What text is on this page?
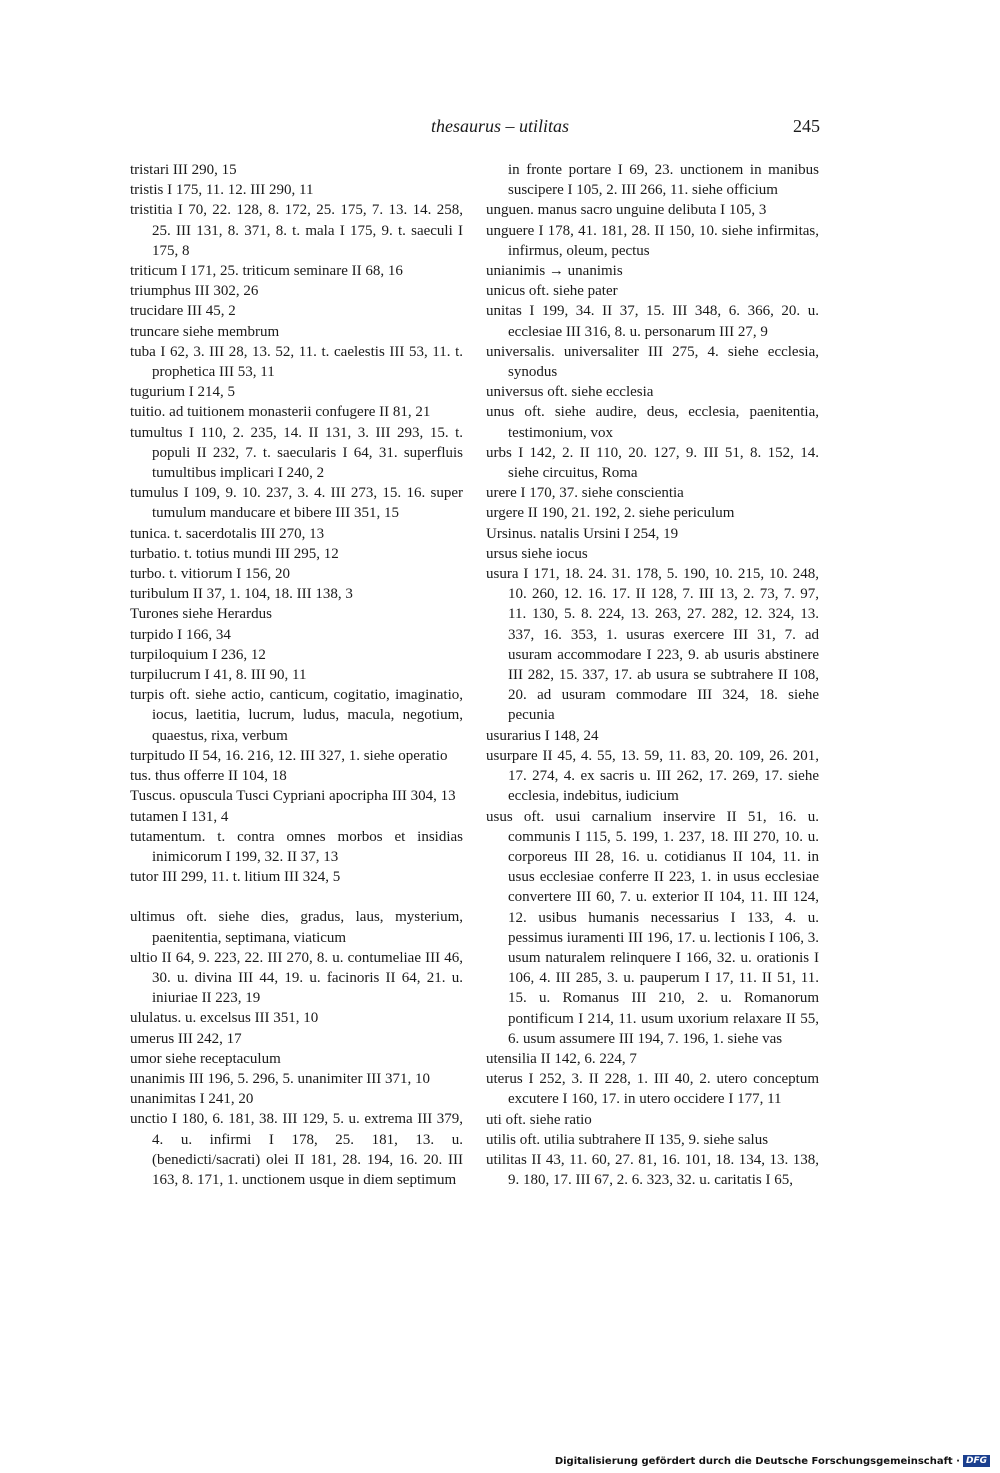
thesaurus – utilitas	245
tristari III 290, 15
tristis I 175, 11. 12. III 290, 11
tristitia I 70, 22. 128, 8. 172, 25. 175, 7. 13. 14. 258, 25. III 131, 8. 371, 8. t. mala I 175, 9. t. saeculi I 175, 8
triticum I 171, 25. triticum seminare II 68, 16
triumphus III 302, 26
trucidare III 45, 2
truncare siehe membrum
tuba I 62, 3. III 28, 13. 52, 11. t. caelestis III 53, 11. t. prophetica III 53, 11
tugurium I 214, 5
tuitio. ad tuitionem monasterii confugere II 81, 21
tumultus I 110, 2. 235, 14. II 131, 3. III 293, 15. t. populi II 232, 7. t. saecularis I 64, 31. superfluis tumultibus implicari I 240, 2
tumulus I 109, 9. 10. 237, 3. 4. III 273, 15. 16. super tumulum manducare et bibere III 351, 15
tunica. t. sacerdotalis III 270, 13
turbatio. t. totius mundi III 295, 12
turbo. t. vitiorum I 156, 20
turibulum II 37, 1. 104, 18. III 138, 3
Turones siehe Herardus
turpido I 166, 34
turpiloquium I 236, 12
turpilucrum I 41, 8. III 90, 11
turpis oft. siehe actio, canticum, cogitatio, imaginatio, iocus, laetitia, lucrum, ludus, macula, negotium, quaestus, rixa, verbum
turpitudo II 54, 16. 216, 12. III 327, 1. siehe operatio
tus. thus offerre II 104, 18
Tuscus. opuscula Tusci Cypriani apocripha III 304, 13
tutamen I 131, 4
tutamentum. t. contra omnes morbos et insidias inimicorum I 199, 32. II 37, 13
tutor III 299, 11. t. litium III 324, 5
ultimus oft. siehe dies, gradus, laus, mysterium, paenitentia, septimana, viaticum
ultio II 64, 9. 223, 22. III 270, 8. u. contumeliae III 46, 30. u. divina III 44, 19. u. facinoris II 64, 21. u. iniuriae II 223, 19
ululatus. u. excelsus III 351, 10
umerus III 242, 17
umor siehe receptaculum
unanimis III 196, 5. 296, 5. unanimiter III 371, 10
unanimitas I 241, 20
unctio I 180, 6. 181, 38. III 129, 5. u. extrema III 379, 4. u. infirmi I 178, 25. 181, 13. u. (benedicti/sacrati) olei II 181, 28. 194, 16. 20. III 163, 8. 171, 1. unctionem usque in diem septimum
in fronte portare I 69, 23. unctionem in manibus suscipere I 105, 2. III 266, 11. siehe officium
unguen. manus sacro unguine delibuta I 105, 3
unguere I 178, 41. 181, 28. II 150, 10. siehe infirmitas, infirmus, oleum, pectus
unianimis → unanimis
unicus oft. siehe pater
unitas I 199, 34. II 37, 15. III 348, 6. 366, 20. u. ecclesiae III 316, 8. u. personarum III 27, 9
universalis. universaliter III 275, 4. siehe ecclesia, synodus
universus oft. siehe ecclesia
unus oft. siehe audire, deus, ecclesia, paenitentia, testimonium, vox
urbs I 142, 2. II 110, 20. 127, 9. III 51, 8. 152, 14. siehe circuitus, Roma
urere I 170, 37. siehe conscientia
urgere II 190, 21. 192, 2. siehe periculum
Ursinus. natalis Ursini I 254, 19
ursus siehe iocus
usura I 171, 18. 24. 31. 178, 5. 190, 10. 215, 10. 248, 10. 260, 12. 16. 17. II 128, 7. III 13, 2. 73, 7. 97, 11. 130, 5. 8. 224, 13. 263, 27. 282, 12. 324, 13. 337, 16. 353, 1. usuras exercere III 31, 7. ad usuram accommodare I 223, 9. ab usuris abstinere III 282, 15. 337, 17. ab usura se subtrahere II 108, 20. ad usuram commodare III 324, 18. siehe pecunia
usurarius I 148, 24
usurpare II 45, 4. 55, 13. 59, 11. 83, 20. 109, 26. 201, 17. 274, 4. ex sacris u. III 262, 17. 269, 17. siehe ecclesia, indebitus, iudicium
usus oft. usui carnalium inservire II 51, 16. u. communis I 115, 5. 199, 1. 237, 18. III 270, 10. u. corporeus III 28, 16. u. cotidianus II 104, 11. in usus ecclesiae conferre II 223, 1. in usus ecclesiae convertere III 60, 7. u. exterior II 104, 11. III 124, 12. usibus humanis necessarius I 133, 4. u. pessimus iuramenti III 196, 17. u. lectionis I 106, 3. usum naturalem relinquere I 166, 32. u. orationis I 106, 4. III 285, 3. u. pauperum I 17, 11. II 51, 11. 15. u. Romanus III 210, 2. u. Romanorum pontificum I 214, 11. usum uxorium relaxare II 55, 6. usum assumere III 194, 7. 196, 1. siehe vas
utensilia II 142, 6. 224, 7
uterus I 252, 3. II 228, 1. III 40, 2. utero conceptum excutere I 160, 17. in utero occidere I 177, 11
uti oft. siehe ratio
utilis oft. utilia subtrahere II 135, 9. siehe salus
utilitas II 43, 11. 60, 27. 81, 16. 101, 18. 134, 13. 138, 9. 180, 17. III 67, 2. 6. 323, 32. u. caritatis I 65,
Digitalisierung gefördert durch die Deutsche Forschungsgemeinschaft · DFG
